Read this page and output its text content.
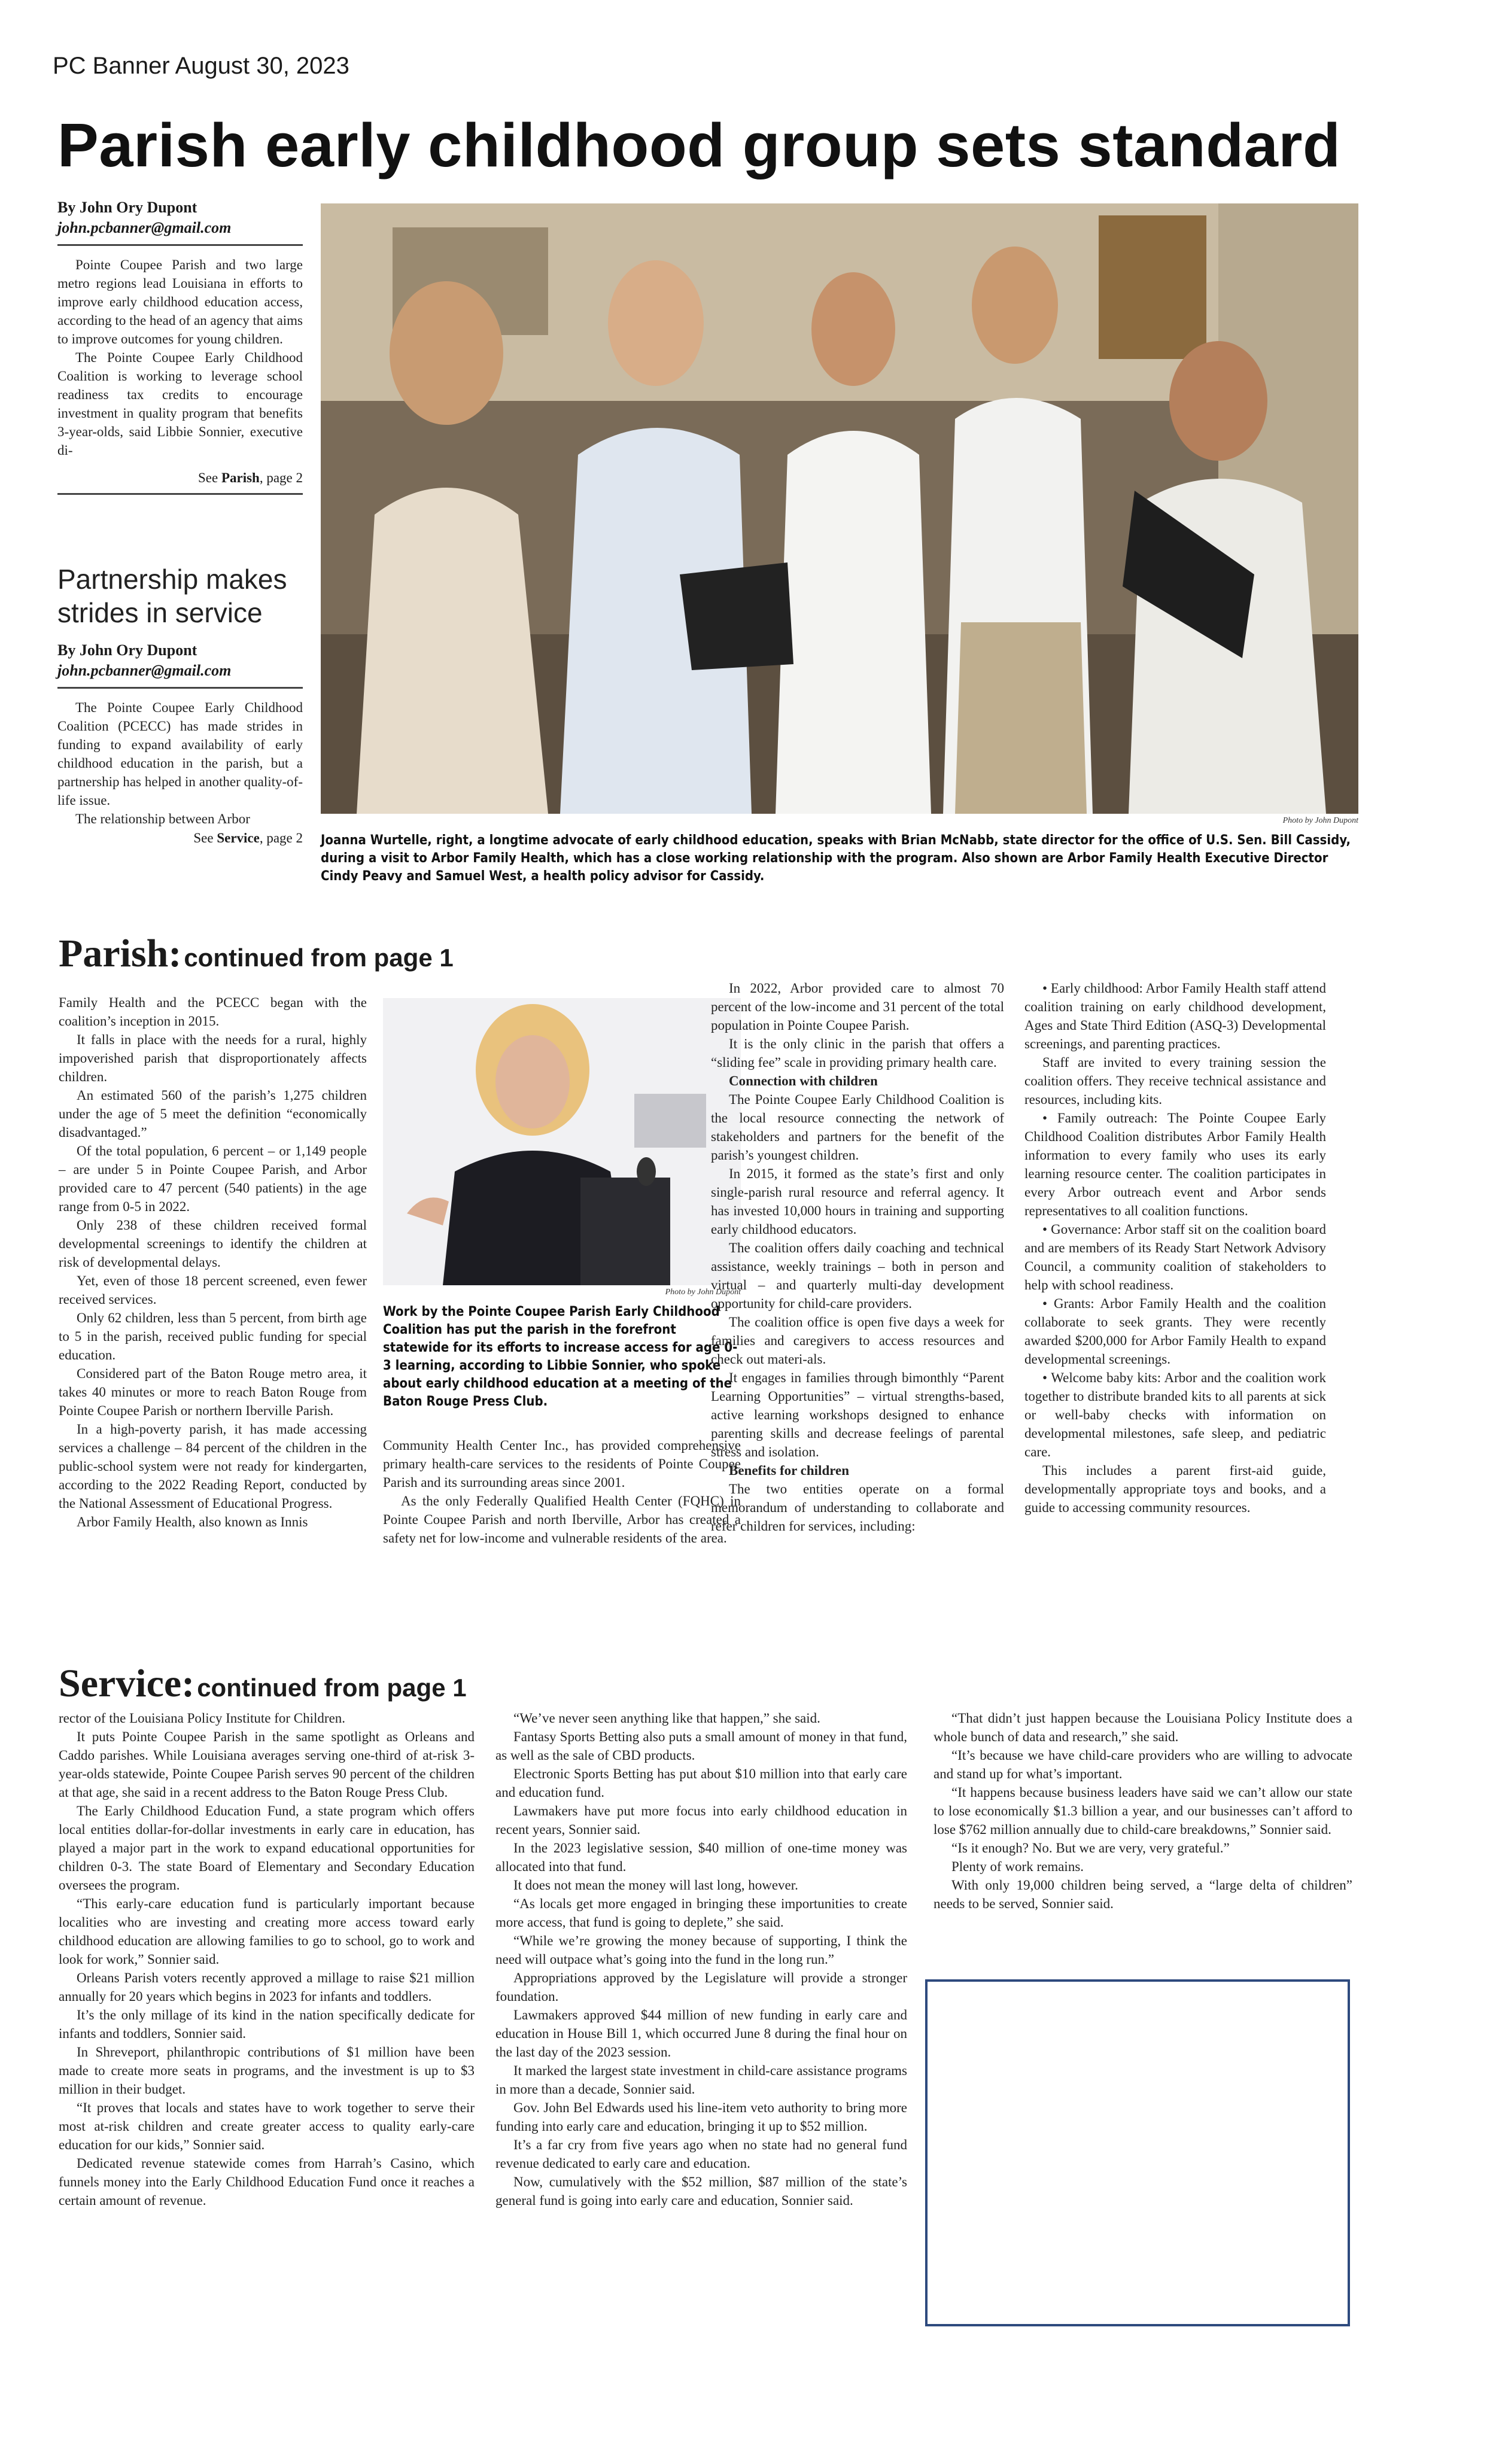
PC Banner August 30, 2023
Parish early childhood group sets standard
By John Ory Dupont
john.pcbanner@gmail.com

Pointe Coupee Parish and two large metro regions lead Louisiana in efforts to improve early childhood education access, according to the head of an agency that aims to improve outcomes for young children.

The Pointe Coupee Early Childhood Coalition is working to leverage school readiness tax credits to encourage investment in quality program that benefits 3-year-olds, said Libbie Sonnier, executive di-

See Parish, page 2
Partnership makes strides in service
By John Ory Dupont
john.pcbanner@gmail.com

The Pointe Coupee Early Childhood Coalition (PCECC) has made strides in funding to expand availability of early childhood education in the parish, but a partnership has helped in another quality-of-life issue.

The relationship between Arbor

See Service, page 2
Photo by John Dupont
Joanna Wurtelle, right, a longtime advocate of early childhood education, speaks with Brian McNabb, state director for the office of U.S. Sen. Bill Cassidy, during a visit to Arbor Family Health, which has a close working relationship with the program. Also shown are Arbor Family Health Executive Director Cindy Peavy and Samuel West, a health policy advisor for Cassidy.
Parish: continued from page 1

Family Health and the PCECC began with the coalition’s inception in 2015.

It falls in place with the needs for a rural, highly impoverished parish that disproportionately affects children.

An estimated 560 of the parish’s 1,275 children under the age of 5 meet the definition “economically disadvantaged.”

Of the total population, 6 percent – or 1,149 people – are under 5 in Pointe Coupee Parish, and Arbor provided care to 47 percent (540 patients) in the age range from 0-5 in 2022.

Only 238 of these children received formal developmental screenings to identify the children at risk of developmental delays.

Yet, even of those 18 percent screened, even fewer received services.

Only 62 children, less than 5 percent, from birth age to 5 in the parish, received public funding for special education.

Considered part of the Baton Rouge metro area, it takes 40 minutes or more to reach Baton Rouge from Pointe Coupee Parish or northern Iberville Parish.

In a high-poverty parish, it has made accessing services a challenge – 84 percent of the children in the public-school system were not ready for kindergarten, according to the 2022 Reading Report, conducted by the National Assessment of Educational Progress.

Arbor Family Health, also known as Innis

Photo by John Dupont
Work by the Pointe Coupee Parish Early Childhood Coalition has put the parish in the forefront statewide for its efforts to increase access for age 0-3 learning, according to Libbie Sonnier, who spoke about early childhood education at a meeting of the Baton Rouge Press Club.

Community Health Center Inc., has provided comprehensive primary health-care services to the residents of Pointe Coupee Parish and its surrounding areas since 2001.

As the only Federally Qualified Health Center (FQHC) in Pointe Coupee Parish and north Iberville, Arbor has created a safety net for low-income and vulnerable residents of the area.

In 2022, Arbor provided care to almost 70 percent of the low-income and 31 percent of the total population in Pointe Coupee Parish.

It is the only clinic in the parish that offers a “sliding fee” scale in providing primary health care.

Connection with children

The Pointe Coupee Early Childhood Coalition is the local resource connecting the network of stakeholders and partners for the benefit of the parish’s youngest children.

In 2015, it formed as the state’s first and only single-parish rural resource and referral agency. It has invested 10,000 hours in training and supporting early childhood educators.

The coalition offers daily coaching and technical assistance, weekly trainings – both in person and virtual – and quarterly multi-day development opportunity for child-care providers.

The coalition office is open five days a week for families and caregivers to access resources and check out materi-als.

It engages in families through bimonthly “Parent Learning Opportunities” – virtual strengths-based, active learning workshops designed to enhance parenting skills and decrease feelings of parental stress and isolation.

Benefits for children

The two entities operate on a formal memorandum of understanding to collaborate and refer children for services, including:

• Early childhood: Arbor Family Health staff attend coalition training on early childhood development, Ages and State Third Edition (ASQ-3) Developmental screenings, and parenting practices.

Staff are invited to every training session the coalition offers. They receive technical assistance and resources, including kits.

• Family outreach: The Pointe Coupee Early Childhood Coalition distributes Arbor Family Health information to every family who uses its early learning resource center. The coalition participates in every Arbor outreach event and Arbor sends representatives to all coalition functions.

• Governance: Arbor staff sit on the coalition board and are members of its Ready Start Network Advisory Council, a community coalition of stakeholders to help with school readiness.

• Grants: Arbor Family Health and the coalition collaborate to seek grants. They were recently awarded $200,000 for Arbor Family Health to expand developmental screenings.

• Welcome baby kits: Arbor and the coalition work together to distribute branded kits to all parents at sick or well-baby checks with information on developmental milestones, safe sleep, and pediatric care.

This includes a parent first-aid guide, developmentally appropriate toys and books, and a guide to accessing community resources.

Service: continued from page 1

rector of the Louisiana Policy Institute for Children.

It puts Pointe Coupee Parish in the same spotlight as Orleans and Caddo parishes. While Louisiana averages serving one-third of at-risk 3-year-olds statewide, Pointe Coupee Parish serves 90 percent of the children at that age, she said in a recent address to the Baton Rouge Press Club.

The Early Childhood Education Fund, a state program which offers local entities dollar-for-dollar investments in early care in education, has played a major part in the work to expand educational opportunities for children 0-3. The state Board of Elementary and Secondary Education oversees the program.

“This early-care education fund is particularly important because localities who are investing and creating more access toward early childhood education are allowing families to go to school, go to work and look for work,” Sonnier said.

Orleans Parish voters recently approved a millage to raise $21 million annually for 20 years which begins in 2023 for infants and toddlers.

It’s the only millage of its kind in the nation specifically dedicate for infants and toddlers, Sonnier said.

In Shreveport, philanthropic contributions of $1 million have been made to create more seats in programs, and the investment is up to $3 million in their budget.

“It proves that locals and states have to work together to serve their most at-risk children and create greater access to quality early-care education for our kids,” Sonnier said.

Dedicated revenue statewide comes from Harrah’s Casino, which funnels money into the Early Childhood Education Fund once it reaches a certain amount of revenue.

“We’ve never seen anything like that happen,” she said.

Fantasy Sports Betting also puts a small amount of money in that fund, as well as the sale of CBD products.

Electronic Sports Betting has put about $10 million into that early care and education fund.

Lawmakers have put more focus into early childhood education in recent years, Sonnier said.

In the 2023 legislative session, $40 million of one-time money was allocated into that fund.

It does not mean the money will last long, however.

“As locals get more engaged in bringing these importunities to create more access, that fund is going to deplete,” she said.

“While we’re growing the money because of supporting, I think the need will outpace what’s going into the fund in the long run.”

Appropriations approved by the Legislature will provide a stronger foundation.

Lawmakers approved $44 million of new funding in early care and education in House Bill 1, which occurred June 8 during the final hour on the last day of the 2023 session.

It marked the largest state investment in child-care assistance programs in more than a decade, Sonnier said.

Gov. John Bel Edwards used his line-item veto authority to bring more funding into early care and education, bringing it up to $52 million.

It’s a far cry from five years ago when no state had no general fund revenue dedicated to early care and education.

Now, cumulatively with the $52 million, $87 million of the state’s general fund is going into early care and education, Sonnier said.

“That didn’t just happen because the Louisiana Policy Institute does a whole bunch of data and research,” she said.

“It’s because we have child-care providers who are willing to advocate and stand up for what’s important.

“It happens because business leaders have said we can’t allow our state to lose economically $1.3 billion a year, and our businesses can’t afford to lose $762 million annually due to child-care breakdowns,” Sonnier said.

“Is it enough? No. But we are very, very grateful.”

Plenty of work remains.

With only 19,000 children being served, a “large delta of children” needs to be served, Sonnier said.
